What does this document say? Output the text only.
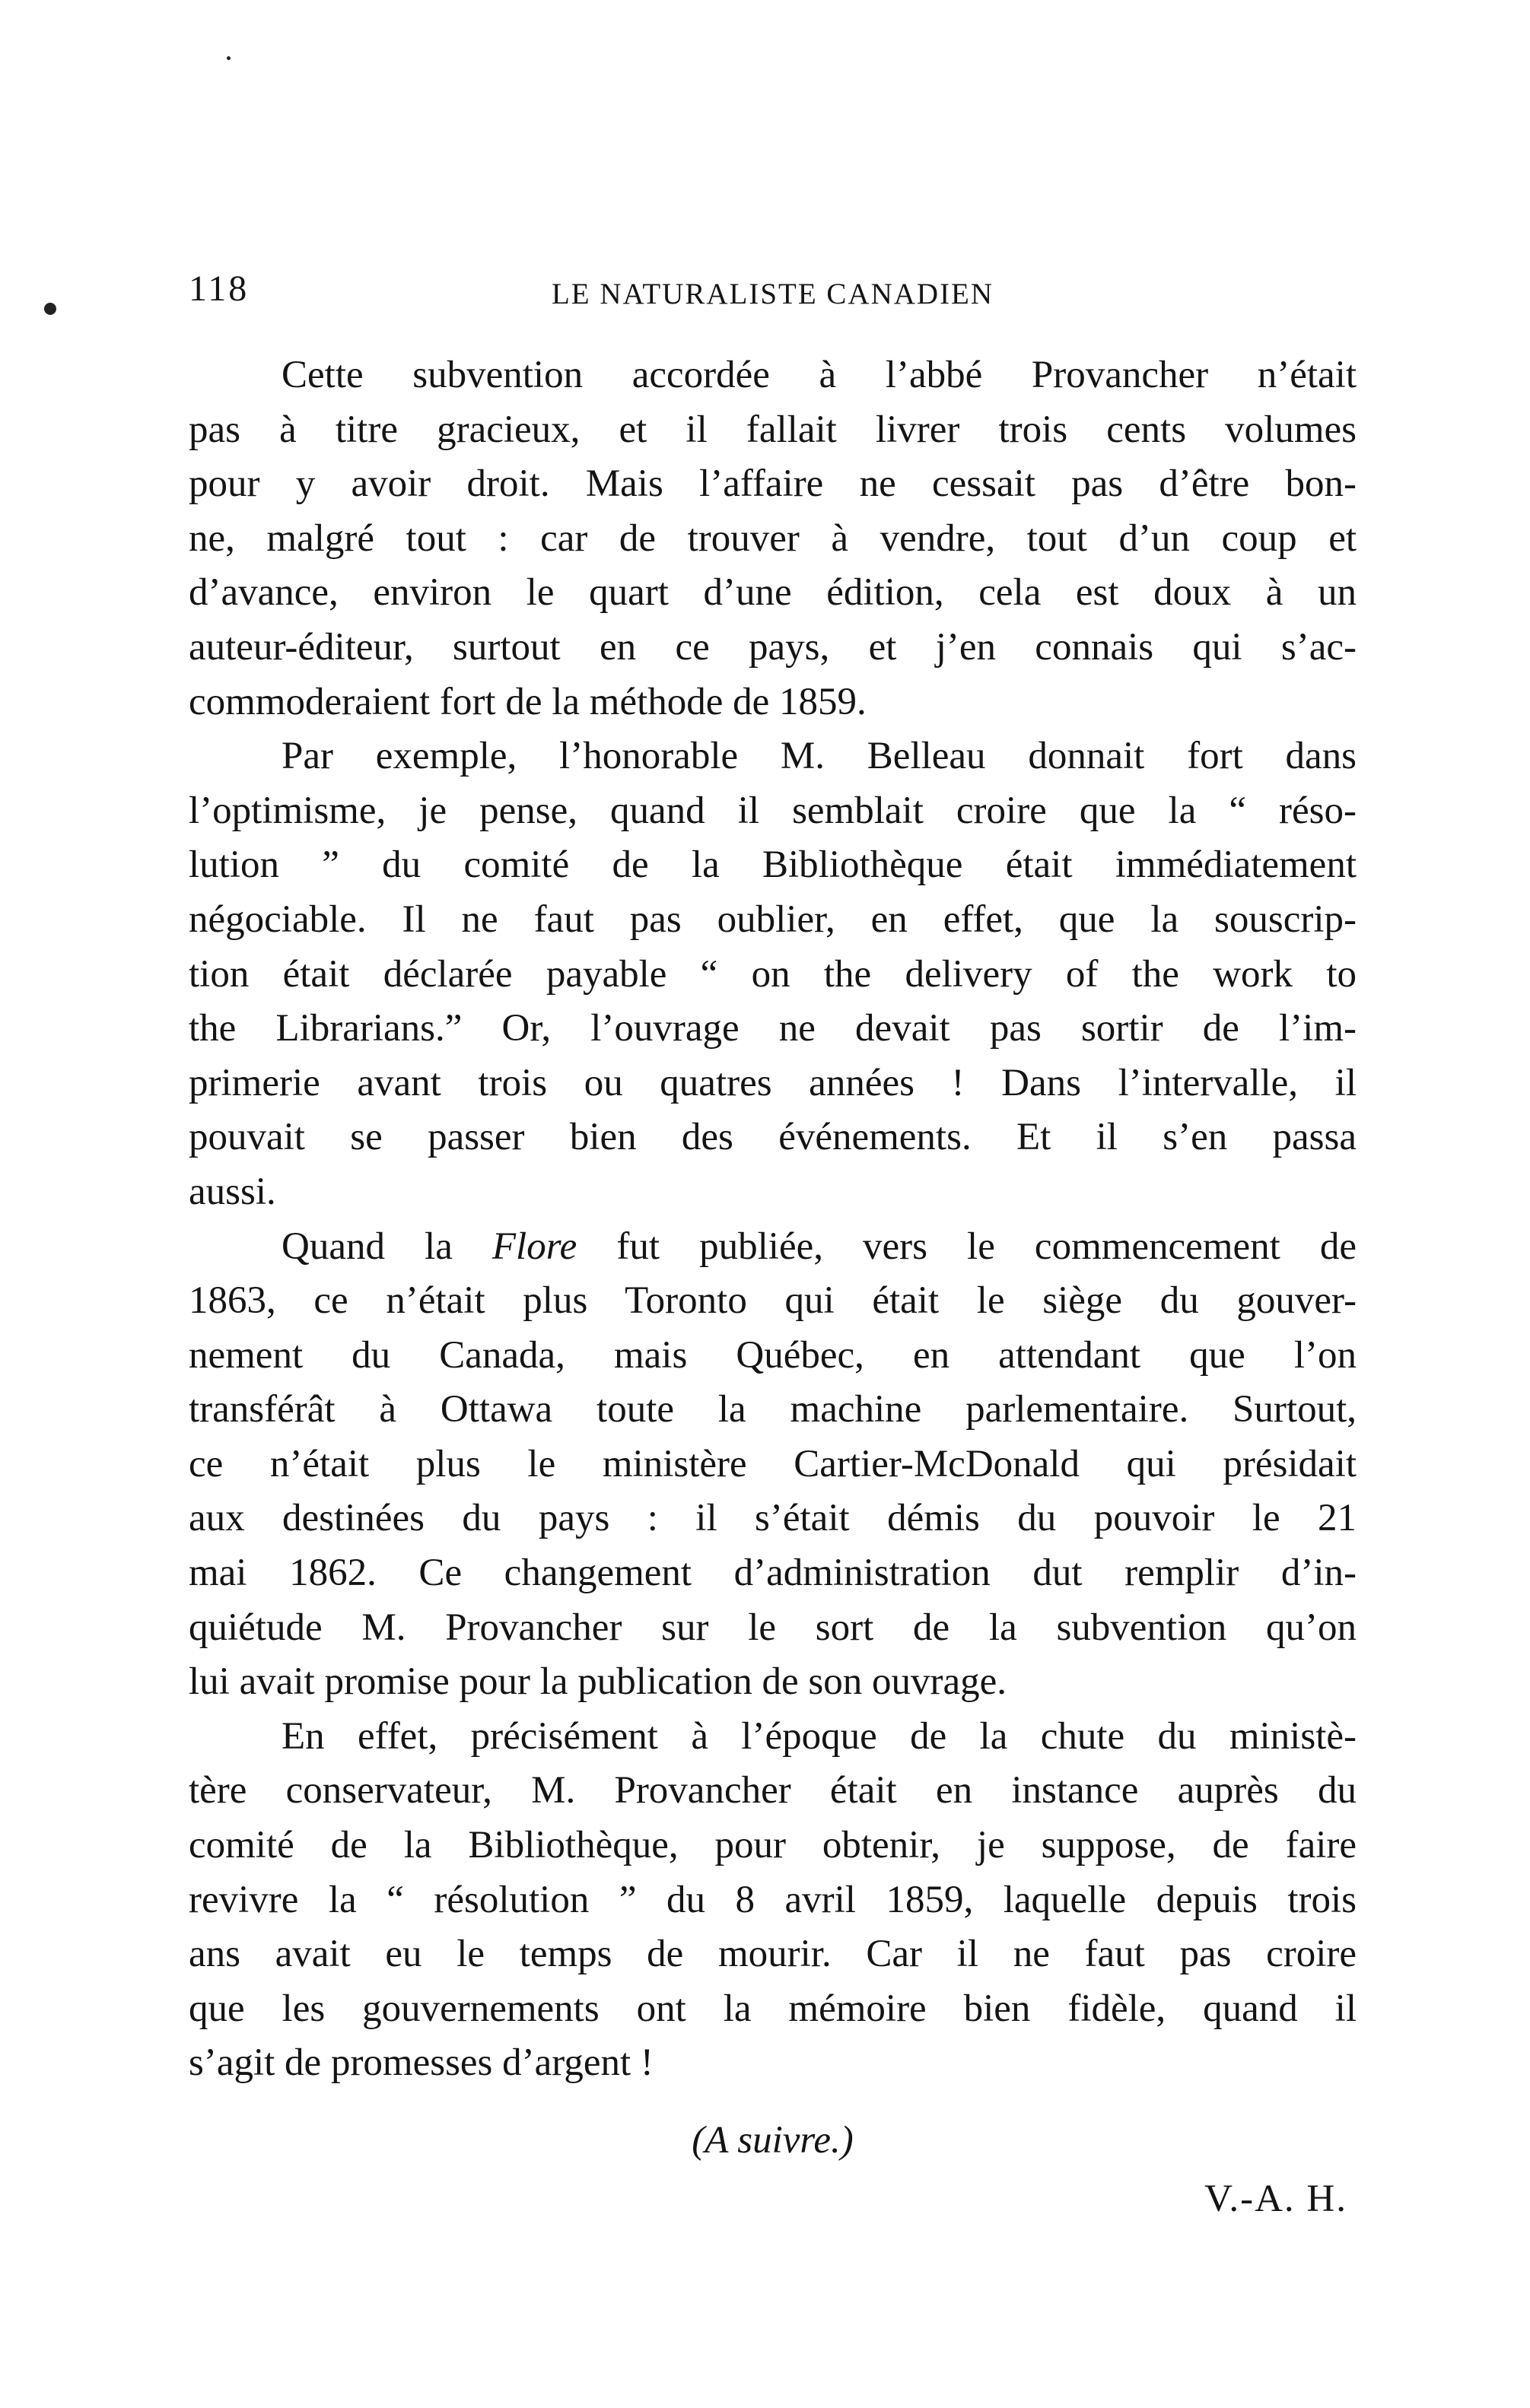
118	LE NATURALISTE CANADIEN

Cette subvention accordée à l’abbé Provancher n’était
pas à titre gracieux, et il fallait livrer trois cents volumes
pour y avoir droit. Mais l’affaire ne cessait pas d’être bon-
ne, malgré tout : car de trouver à vendre, tout d’un coup et
d’avance, environ le quart d’une édition, cela est doux à un
auteur-éditeur, surtout en ce pays, et j’en connais qui s’ac-
commoderaient fort de la méthode de 1859.

Par exemple, l’honorable M. Belleau donnait fort dans
l’optimisme, je pense, quand il semblait croire que la “ réso-
lution ” du comité de la Bibliothèque était immédiatement
négociable. Il ne faut pas oublier, en effet, que la souscrip-
tion était déclarée payable “ on the delivery of the work to
the Librarians.” Or, l’ouvrage ne devait pas sortir de l’im-
primerie avant trois ou quatres années ! Dans l’intervalle, il
pouvait se passer bien des événements. Et il s’en passa
aussi.

Quand la Flore fut publiée, vers le commencement de
1863, ce n’était plus Toronto qui était le siège du gouver-
nement du Canada, mais Québec, en attendant que l’on
transférât à Ottawa toute la machine parlementaire. Surtout,
ce n’était plus le ministère Cartier-McDonald qui présidait
aux destinées du pays : il s’était démis du pouvoir le 21
mai 1862. Ce changement d’administration dut remplir d’in-
quiétude M. Provancher sur le sort de la subvention qu’on
lui avait promise pour la publication de son ouvrage.

En effet, précisément à l’époque de la chute du ministè-
tère conservateur, M. Provancher était en instance auprès du
comité de la Bibliothèque, pour obtenir, je suppose, de faire
revivre la “ résolution ” du 8 avril 1859, laquelle depuis trois
ans avait eu le temps de mourir. Car il ne faut pas croire
que les gouvernements ont la mémoire bien fidèle, quand il
s’agit de promesses d’argent !

(A suivre.)
V.-A. H.
